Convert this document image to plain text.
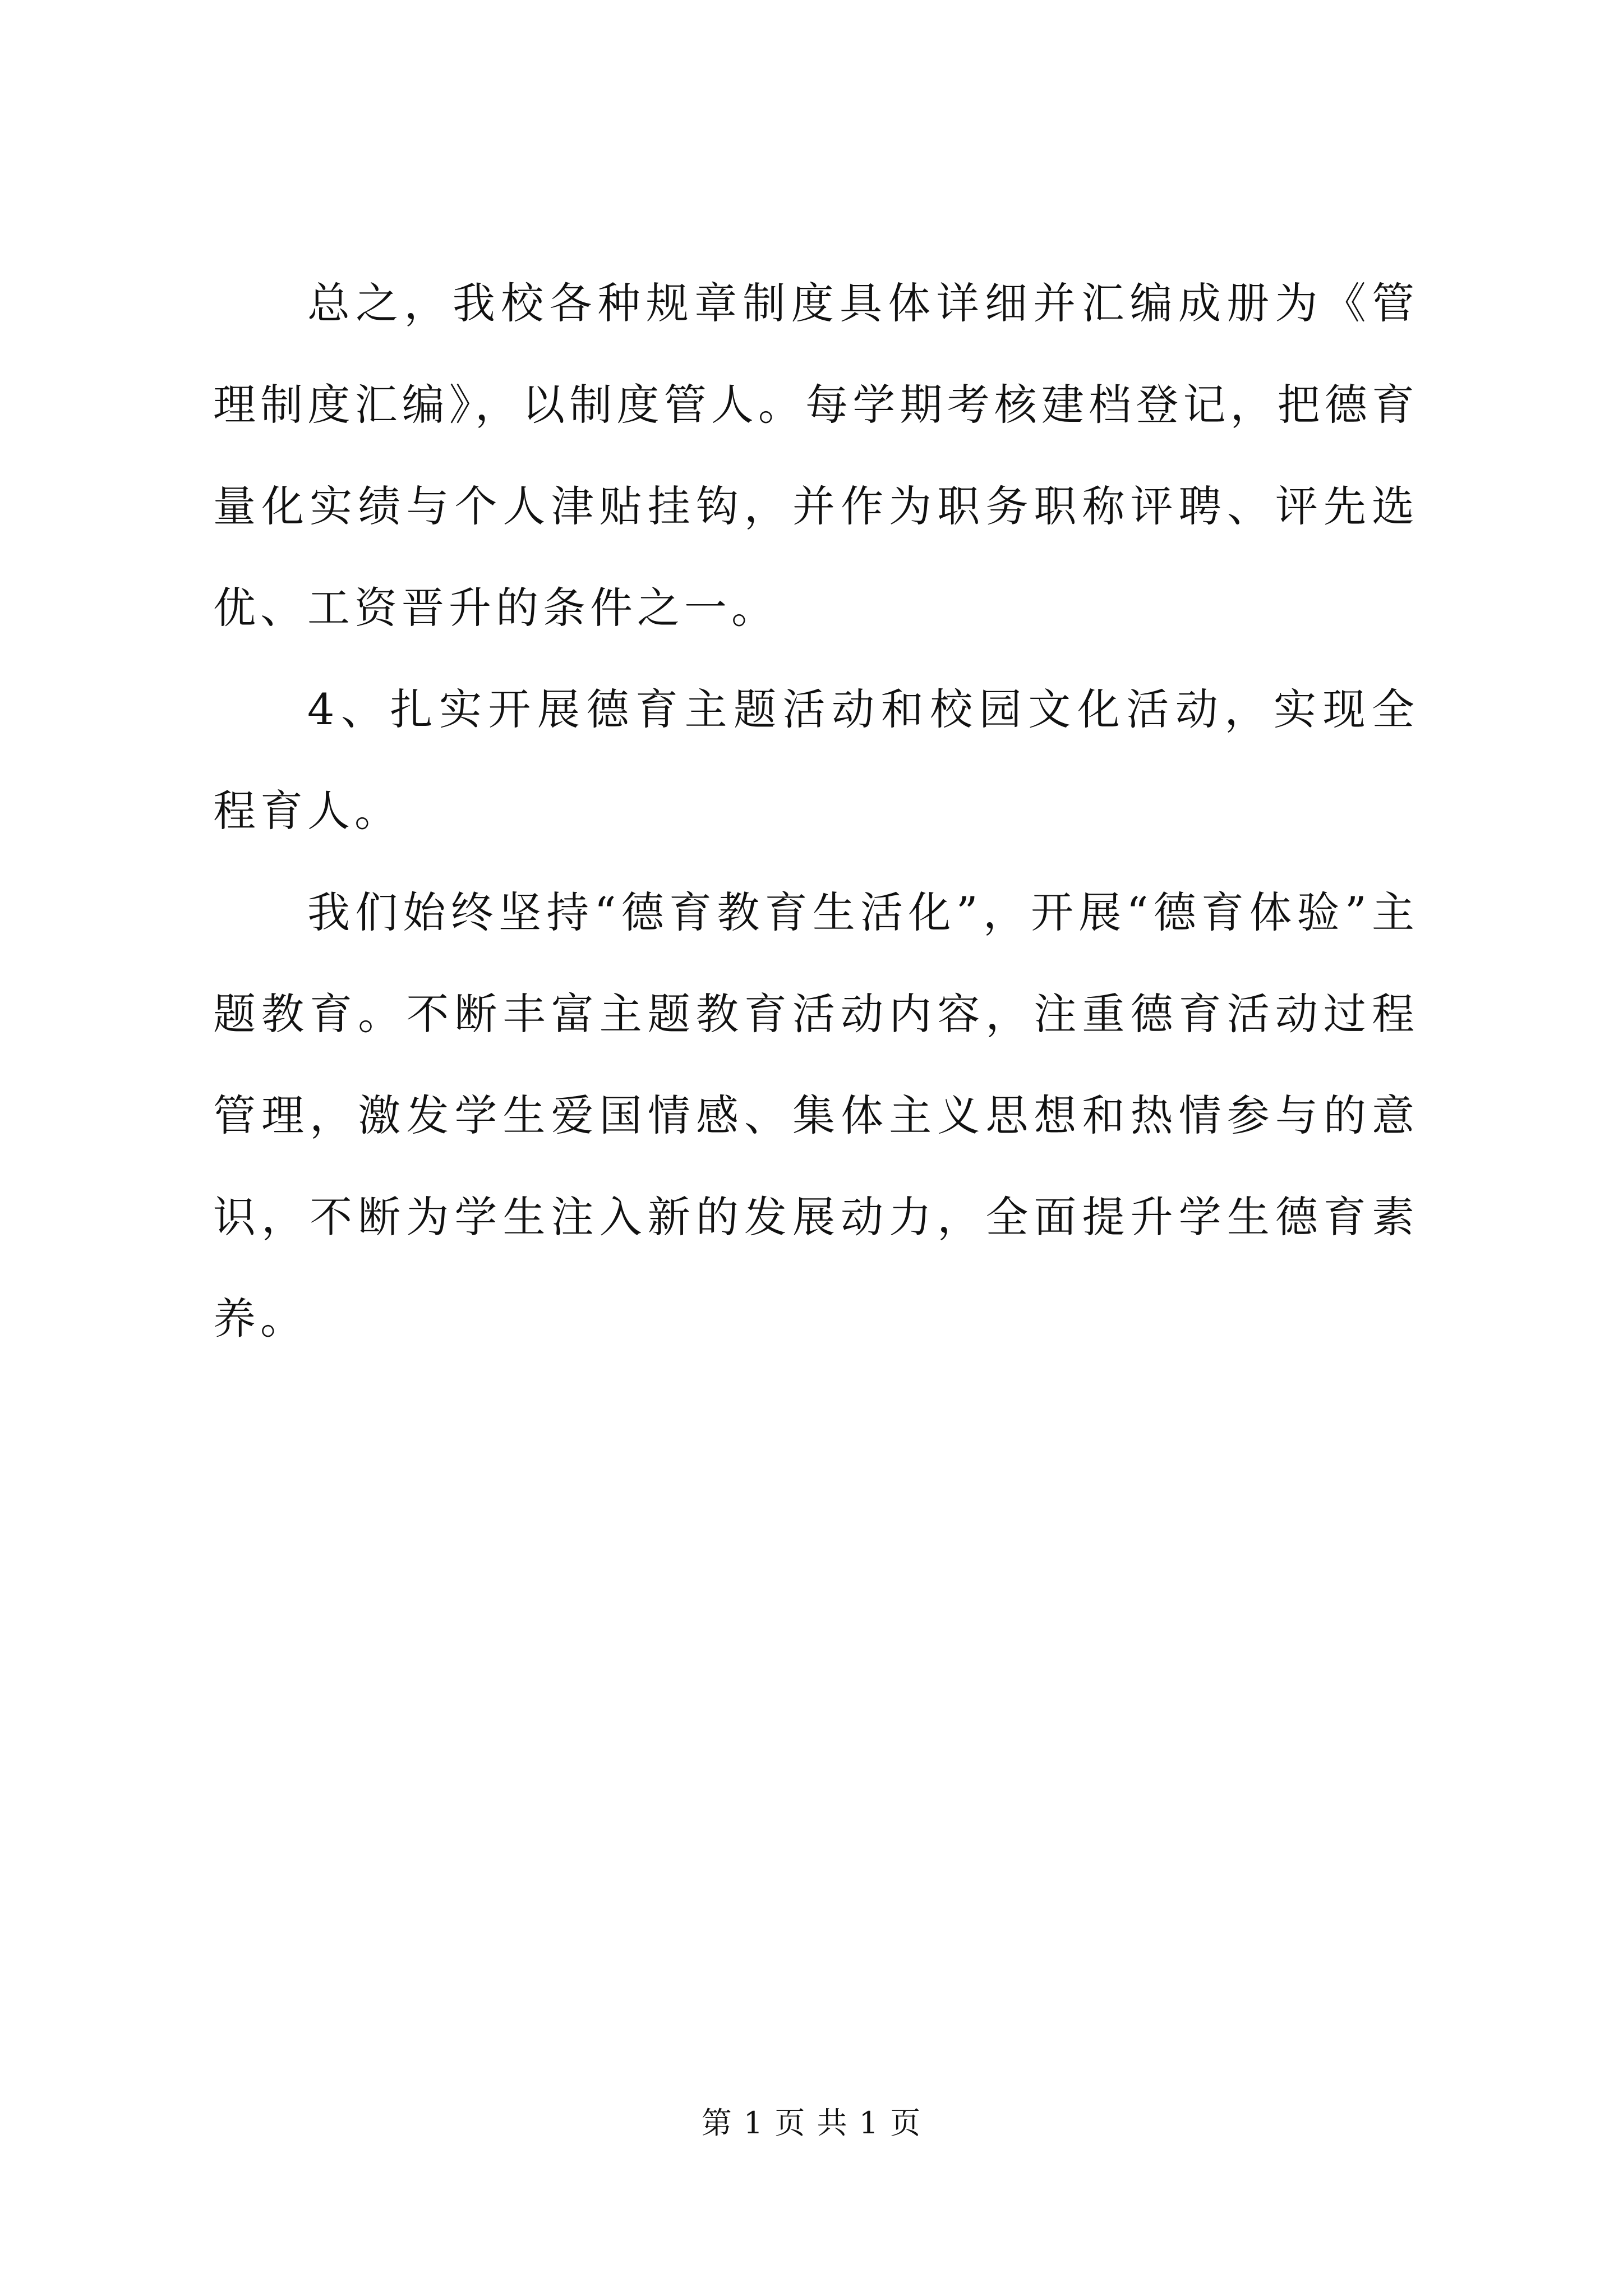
总之，我校各种规章制度具体详细并汇编成册为《管理制度汇编》，以制度管人。每学期考核建档登记，把德育量化实绩与个人津贴挂钩，并作为职务职称评聘、评先选优、工资晋升的条件之一。

4、扎实开展德育主题活动和校园文化活动，实现全程育人。

我们始终坚持“德育教育生活化”，开展“德育体验”主题教育。不断丰富主题教育活动内容，注重德育活动过程管理，激发学生爱国情感、集体主义思想和热情参与的意识，不断为学生注入新的发展动力，全面提升学生德育素养。

第 1 页 共 1 页
